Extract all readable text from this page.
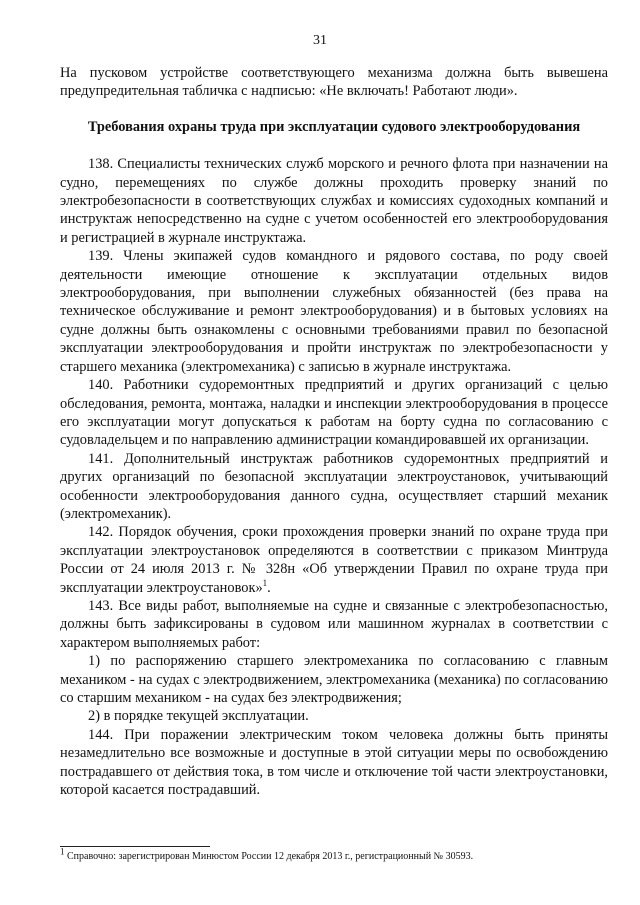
31

На пусковом устройстве соответствующего механизма должна быть вывешена предупредительная табличка с надписью: «Не включать! Работают люди».

Требования охраны труда при эксплуатации судового электрооборудования

138. Специалисты технических служб морского и речного флота при назначении на судно, перемещениях по службе должны проходить проверку знаний по электробезопасности в соответствующих службах и комиссиях судоходных компаний и инструктаж непосредственно на судне с учетом особенностей его электрооборудования и регистрацией в журнале инструктажа.

139. Члены экипажей судов командного и рядового состава, по роду своей деятельности имеющие отношение к эксплуатации отдельных видов электрооборудования, при выполнении служебных обязанностей (без права на техническое обслуживание и ремонт электрооборудования) и в бытовых условиях на судне должны быть ознакомлены с основными требованиями правил по безопасной эксплуатации электрооборудования и пройти инструктаж по электробезопасности у старшего механика (электромеханика) с записью в журнале инструктажа.

140. Работники судоремонтных предприятий и других организаций с целью обследования, ремонта, монтажа, наладки и инспекции электрооборудования в процессе его эксплуатации могут допускаться к работам на борту судна по согласованию с судовладельцем и по направлению администрации командировавшей их организации.

141. Дополнительный инструктаж работников судоремонтных предприятий и других организаций по безопасной эксплуатации электроустановок, учитывающий особенности электрооборудования данного судна, осуществляет старший механик (электромеханик).

142. Порядок обучения, сроки прохождения проверки знаний по охране труда при эксплуатации электроустановок определяются в соответствии с приказом Минтруда России от 24 июля 2013 г. № 328н «Об утверждении Правил по охране труда при эксплуатации электроустановок»$^1$.

143. Все виды работ, выполняемые на судне и связанные с электробезопасностью, должны быть зафиксированы в судовом или машинном журналах в соответствии с характером выполняемых работ:

1) по распоряжению старшего электромеханика по согласованию с главным механиком - на судах с электродвижением, электромеханика (механика) по согласованию со старшим механиком - на судах без электродвижения;

2) в порядке текущей эксплуатации.

144. При поражении электрическим током человека должны быть приняты незамедлительно все возможные и доступные в этой ситуации меры по освобождению пострадавшего от действия тока, в том числе и отключение той части электроустановки, которой касается пострадавший.

$^1$ Справочно: зарегистрирован Минюстом России 12 декабря 2013 г., регистрационный № 30593.
